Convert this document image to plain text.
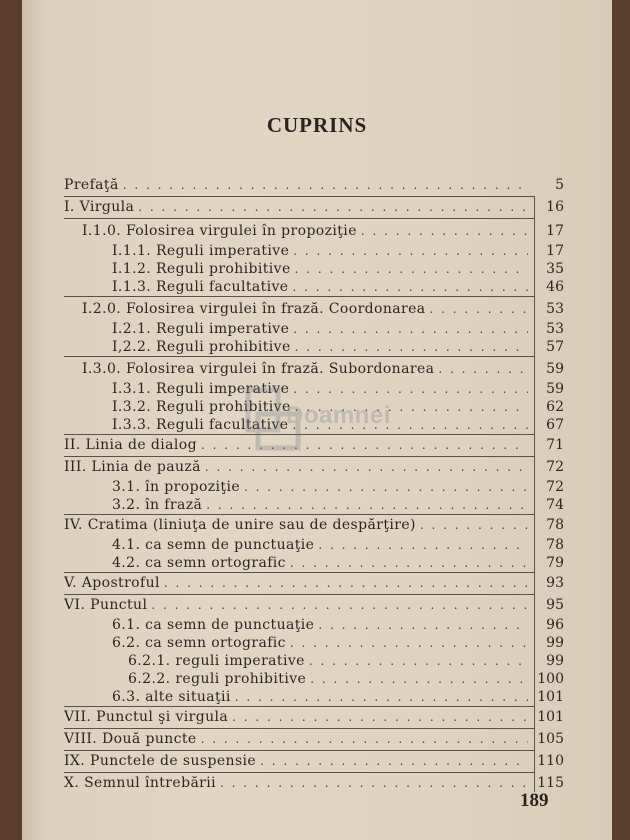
CUPRINS
Prefaţă . . .	5
I. Virgula . . .	16
I.1.0. Folosirea virgulei în propoziţie . . .	17
I.1.1. Reguli imperative . . .	17
I.1.2. Reguli prohibitive . . .	35
I.1.3. Reguli facultative . . .	46
I.2.0. Folosirea virgulei în frază. Coordonarea . . .	53
I.2.1. Reguli imperative . . .	53
I,2.2. Reguli prohibitive . . .	57
I.3.0. Folosirea virgulei în frază. Subordonarea . . .	59
I.3.1. Reguli imperative . . .	59
I.3.2. Reguli prohibitive . . .	62
I.3.3. Reguli facultative . . .	67
II. Linia de dialog . . .	71
III. Linia de pauză . . .	72
3.1. în propoziţie . . .	72
3.2. în frază . . .	74
IV. Cratima (liniuţa de unire sau de despărţire) . . .	78
4.1. ca semn de punctuaţie . . .	78
4.2. ca semn ortografic . . .	79
V. Apostroful . . .	93
VI. Punctul . . .	95
6.1. ca semn de punctuaţie . . .	96
6.2. ca semn ortografic . . .	99
6.2.1. reguli imperative . . .	99
6.2.2. reguli prohibitive . . .	100
6.3. alte situaţii . . .	101
VII. Punctul şi virgula . . .	101
VIII. Două puncte . . .	105
IX. Punctele de suspensie . . .	110
X. Semnul întrebării . . .	115
Doamnei
189
